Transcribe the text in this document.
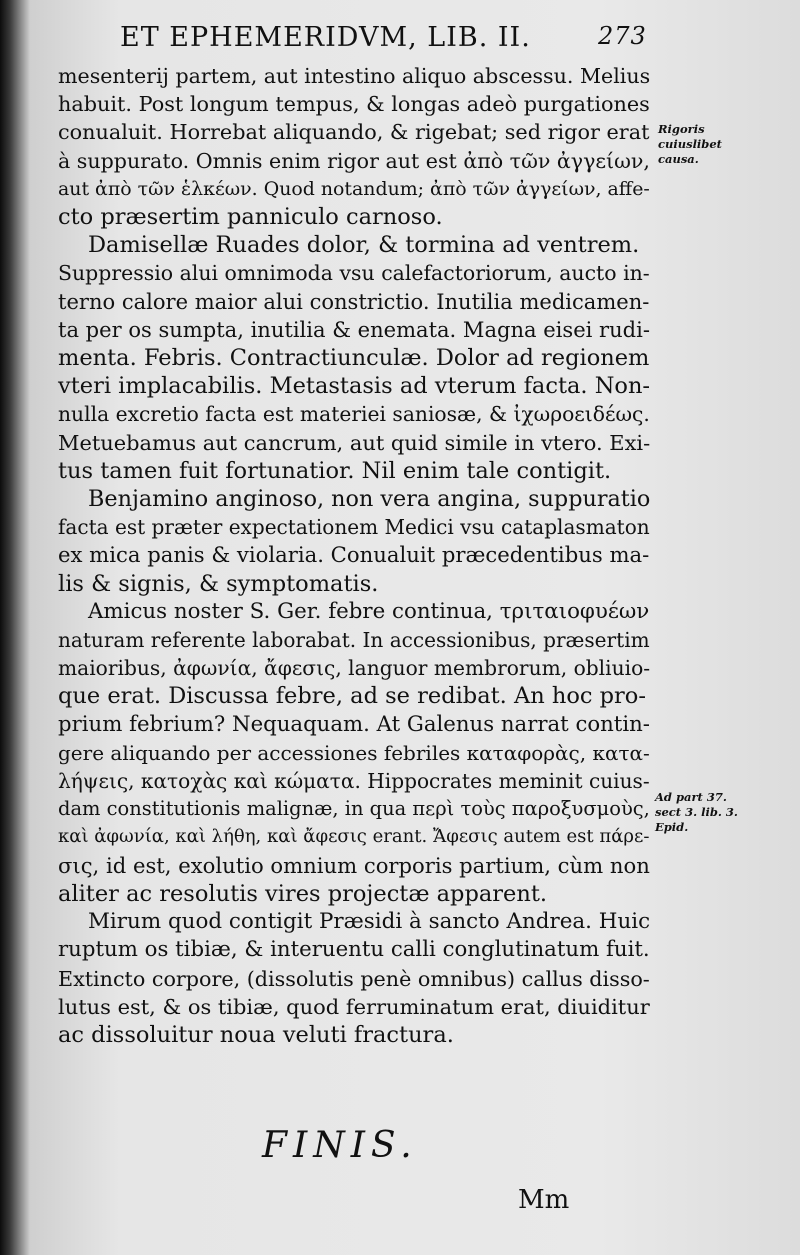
ET EPHEMERIDVM, LIB. II.	273
mesenterij partem, aut intestino aliquo abscessu. Melius
habuit. Post longum tempus, & longas adeò purgationes
conualuit. Horrebat aliquando, & rigebat; sed rigor erat
à suppurato. Omnis enim rigor aut est ἀπὸ τῶν ἀγγείων,
aut ἀπὸ τῶν ἑλκέων. Quod notandum; ἀπὸ τῶν ἀγγείων, affe-
cto præsertim panniculo carnoso.
Damisellæ Ruades dolor, & tormina ad ventrem.
Suppressio alui omnimoda vsu calefactoriorum, aucto in-
terno calore maior alui constrictio. Inutilia medicamen-
ta per os sumpta, inutilia & enemata. Magna eisei rudi-
menta. Febris. Contractiunculæ. Dolor ad regionem
vteri implacabilis. Metastasis ad vterum facta. Non-
nulla excretio facta est materiei saniosæ, & ἰχωροειδέως.
Metuebamus aut cancrum, aut quid simile in vtero. Exi-
tus tamen fuit fortunatior. Nil enim tale contigit.
Benjamino anginoso, non vera angina, suppuratio
facta est præter expectationem Medici vsu cataplasmaton
ex mica panis & violaria. Conualuit præcedentibus ma-
lis & signis, & symptomatis.
Amicus noster S. Ger. febre continua, τριταιοφυέων
naturam referente laborabat. In accessionibus, præsertim
maioribus, ἀφωνία, ἄφεσις, languor membrorum, obliuio-
que erat. Discussa febre, ad se redibat. An hoc pro-
prium febrium? Nequaquam. At Galenus narrat contin-
gere aliquando per accessiones febriles καταφορὰς, κατα-
λήψεις, κατοχὰς καὶ κώματα. Hippocrates meminit cuius-
dam constitutionis malignæ, in qua περὶ τοὺς παροξυσμοὺς,
καὶ ἀφωνία, καὶ λήθη, καὶ ἄφεσις erant. Ἄφεσις autem est πάρε-
σις, id est, exolutio omnium corporis partium, cùm non
aliter ac resolutis vires projectæ apparent.
Mirum quod contigit Præsidi à sancto Andrea. Huic
ruptum os tibiæ, & interuentu calli conglutinatum fuit.
Extincto corpore, (dissolutis penè omnibus) callus disso-
lutus est, & os tibiæ, quod ferruminatum erat, diuiditur
ac dissoluitur noua veluti fractura.
Rigoris cuiuslibet causa.
Ad part 37. sect 3. lib. 3. Epid.
FINIS.
Mm
